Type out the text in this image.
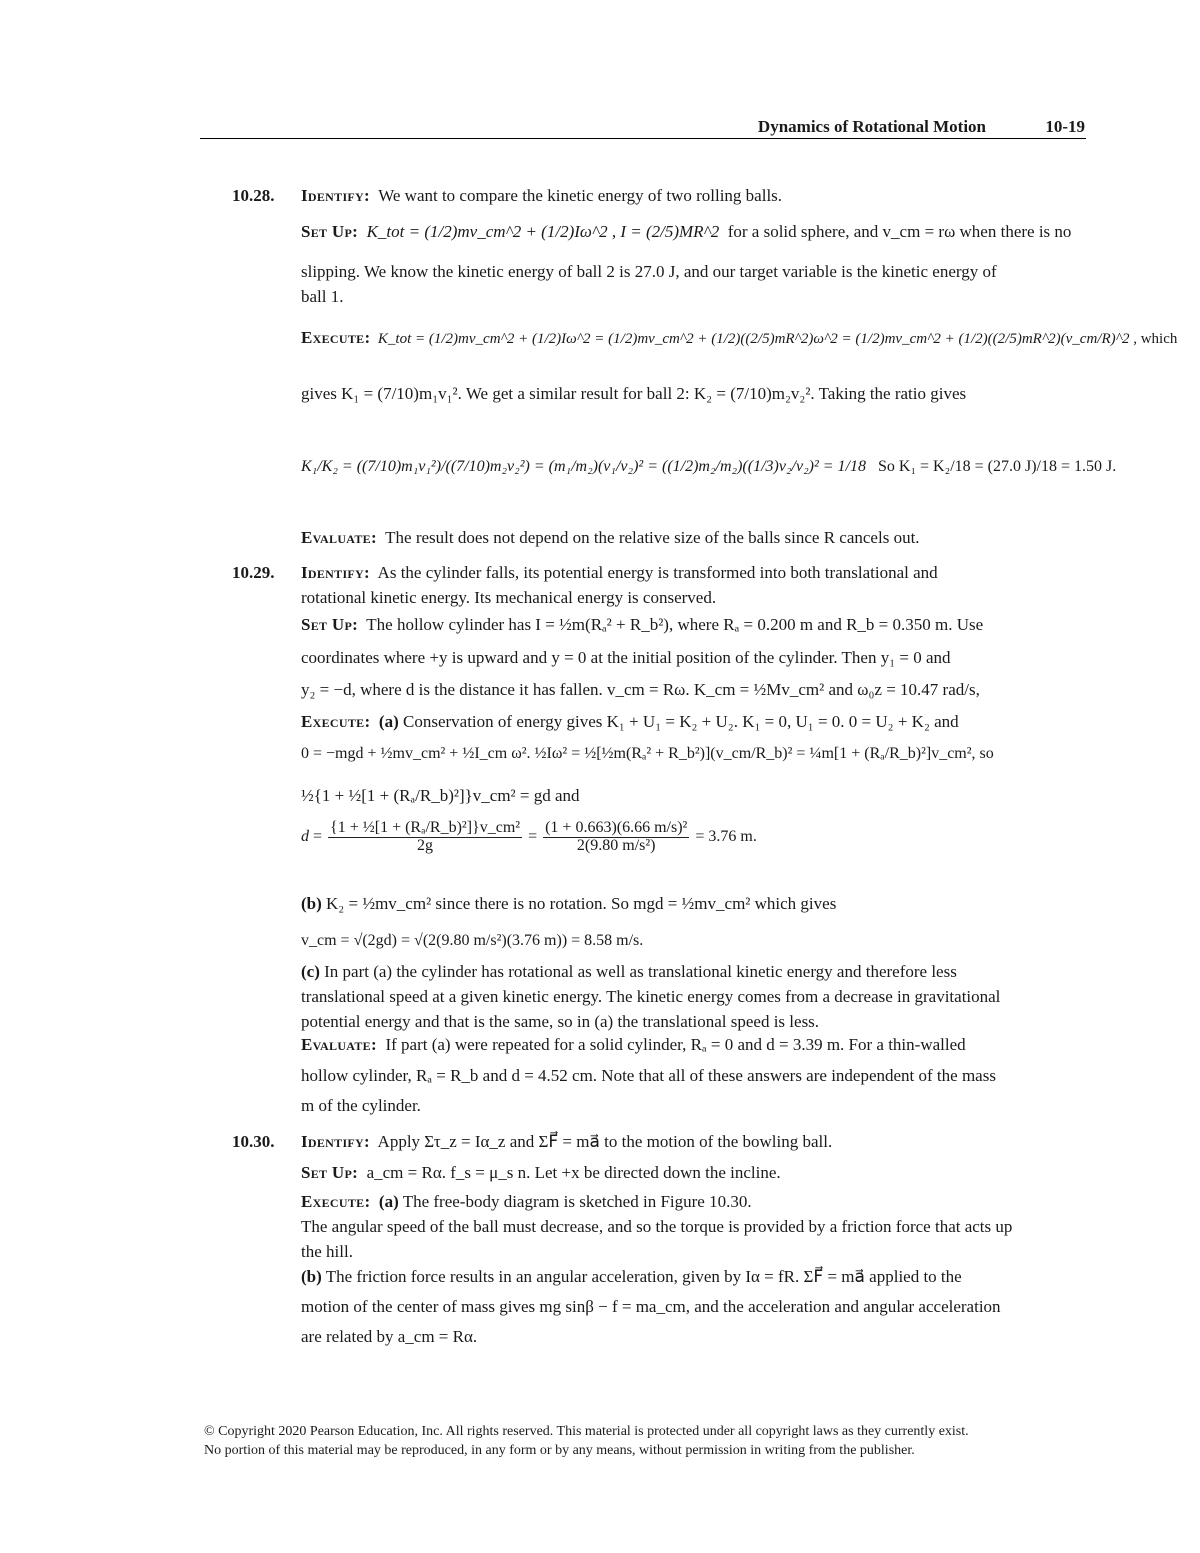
Dynamics of Rotational Motion	10-19
10.28. Identify: We want to compare the kinetic energy of two rolling balls.
Set Up: K_tot = (1/2)mv_cm^2 + (1/2)Iω^2 , I = (2/5)MR^2 for a solid sphere, and v_cm = rω when there is no
slipping. We know the kinetic energy of ball 2 is 27.0 J, and our target variable is the kinetic energy of
ball 1.
Execute: K_tot = (1/2)mv_cm^2 + (1/2)Iω^2 = (1/2)mv_cm^2 + (1/2)((2/5)mR^2)ω^2 = (1/2)mv_cm^2 + (1/2)((2/5)mR^2)(v_cm/R)^2 , which
gives K₁ = (7/10)m₁v₁². We get a similar result for ball 2: K₂ = (7/10)m₂v₂². Taking the ratio gives
K₁/K₂ = ((7/10)m₁v₁²)/((7/10)m₂v₂²) = (m₁/m₂)(v₁/v₂)² = ((1/2)m₂/m₂)((1/3)v₂/v₂)² = 1/18 So K₁ = K₂/18 = (27.0 J)/18 = 1.50 J.
Evaluate: The result does not depend on the relative size of the balls since R cancels out.
10.29. Identify: As the cylinder falls, its potential energy is transformed into both translational and
rotational kinetic energy. Its mechanical energy is conserved.
Set Up: The hollow cylinder has I = ½m(Rₐ² + R_b²), where Rₐ = 0.200 m and R_b = 0.350 m. Use
coordinates where +y is upward and y = 0 at the initial position of the cylinder. Then y₁ = 0 and
y₂ = −d, where d is the distance it has fallen. v_cm = Rω. K_cm = ½Mv_cm² and ω₀z = 10.47 rad/s,
Execute: (a) Conservation of energy gives K₁ + U₁ = K₂ + U₂. K₁ = 0, U₁ = 0. 0 = U₂ + K₂ and
0 = −mgd + ½mv_cm² + ½I_cm ω². ½Iω² = ½[½m(Rₐ² + R_b²)](v_cm/R_b)² = ¼m[1 + (Rₐ/R_b)²]v_cm², so
½{1 + ½[1 + (Rₐ/R_b)²]}v_cm² = gd and
$d = \frac{\text{\{1 + ½[1 + (Rₐ/R\_b)²]\}v\_cm²}}{2g} = \frac{\text{(1 + 0.663)(6.66 m/s)²}}{\text{2(9.80 m/s²)}} = 3.76$ m.
(b) K₂ = ½mv_cm² since there is no rotation. So mgd = ½mv_cm² which gives
v_cm = √(2gd) = √(2(9.80 m/s²)(3.76 m)) = 8.58 m/s.
(c) In part (a) the cylinder has rotational as well as translational kinetic energy and therefore less
translational speed at a given kinetic energy. The kinetic energy comes from a decrease in gravitational
potential energy and that is the same, so in (a) the translational speed is less.
Evaluate: If part (a) were repeated for a solid cylinder, Rₐ = 0 and d = 3.39 m. For a thin-walled
hollow cylinder, Rₐ = R_b and d = 4.52 cm. Note that all of these answers are independent of the mass
m of the cylinder.
10.30. Identify: Apply Στ_z = Iα_z and ΣF⃗ = ma⃗ to the motion of the bowling ball.
Set Up: a_cm = Rα. f_s = μ_s n. Let +x be directed down the incline.
Execute: (a) The free-body diagram is sketched in Figure 10.30.
The angular speed of the ball must decrease, and so the torque is provided by a friction force that acts up
the hill.
(b) The friction force results in an angular acceleration, given by Iα = fR. ΣF⃗ = ma⃗ applied to the
motion of the center of mass gives mg sinβ − f = ma_cm, and the acceleration and angular acceleration
are related by a_cm = Rα.
© Copyright 2020 Pearson Education, Inc. All rights reserved. This material is protected under all copyright laws as they currently exist.
No portion of this material may be reproduced, in any form or by any means, without permission in writing from the publisher.
